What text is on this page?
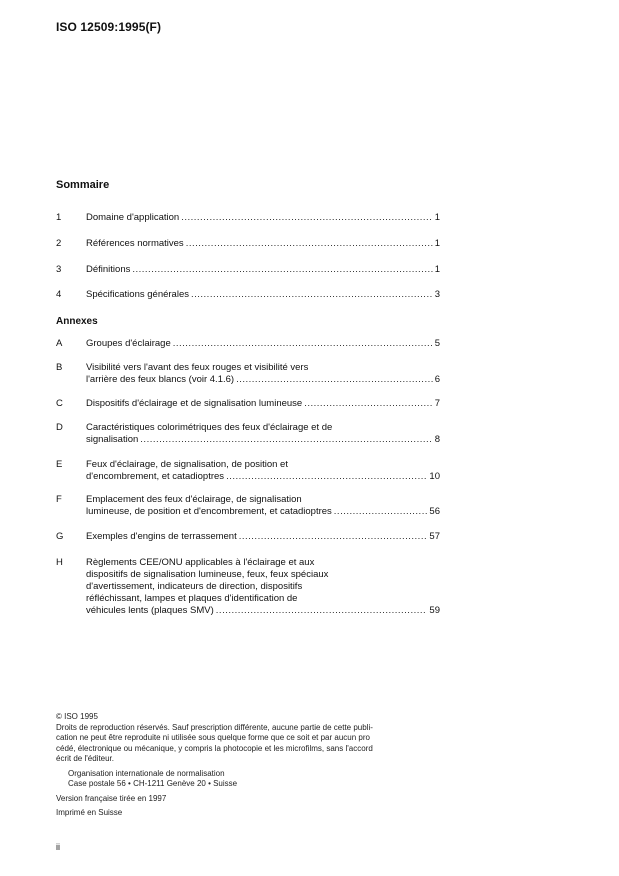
ISO 12509:1995(F)
Sommaire
1	Domaine d'application .....	1
2	Références normatives .....	1
3	Définitions .....	1
4	Spécifications générales .....	3
Annexes
A	Groupes d'éclairage .....	5
B	Visibilité vers l'avant des feux rouges et visibilité vers
l'arrière des feux blancs (voir 4.1.6) .....	6
C	Dispositifs d'éclairage et de signalisation lumineuse .....	7
D	Caractéristiques colorimétriques des feux d'éclairage et de
signalisation .....	8
E	Feux d'éclairage, de signalisation, de position et
d'encombrement, et catadioptres .....	10
F	Emplacement des feux d'éclairage, de signalisation
lumineuse, de position et d'encombrement, et catadioptres .....	56
G	Exemples d'engins de terrassement .....	57
H	Règlements CEE/ONU applicables à l'éclairage et aux
dispositifs de signalisation lumineuse, feux, feux spéciaux
d'avertissement, indicateurs de direction, dispositifs
réfléchissant, lampes et plaques d'identification de
véhicules lents (plaques SMV) .....	59

© ISO 1995

Droits de reproduction réservés. Sauf prescription différente, aucune partie de cette publi-

cation ne peut être reproduite ni utilisée sous quelque forme que ce soit et par aucun pro

cédé, électronique ou mécanique, y compris la photocopie et les microfilms, sans l'accord

écrit de l'éditeur.

Organisation internationale de normalisation

Case postale 56 • CH-1211 Genève 20 • Suisse

Version française tirée en 1997

Imprimé en Suisse

ii
